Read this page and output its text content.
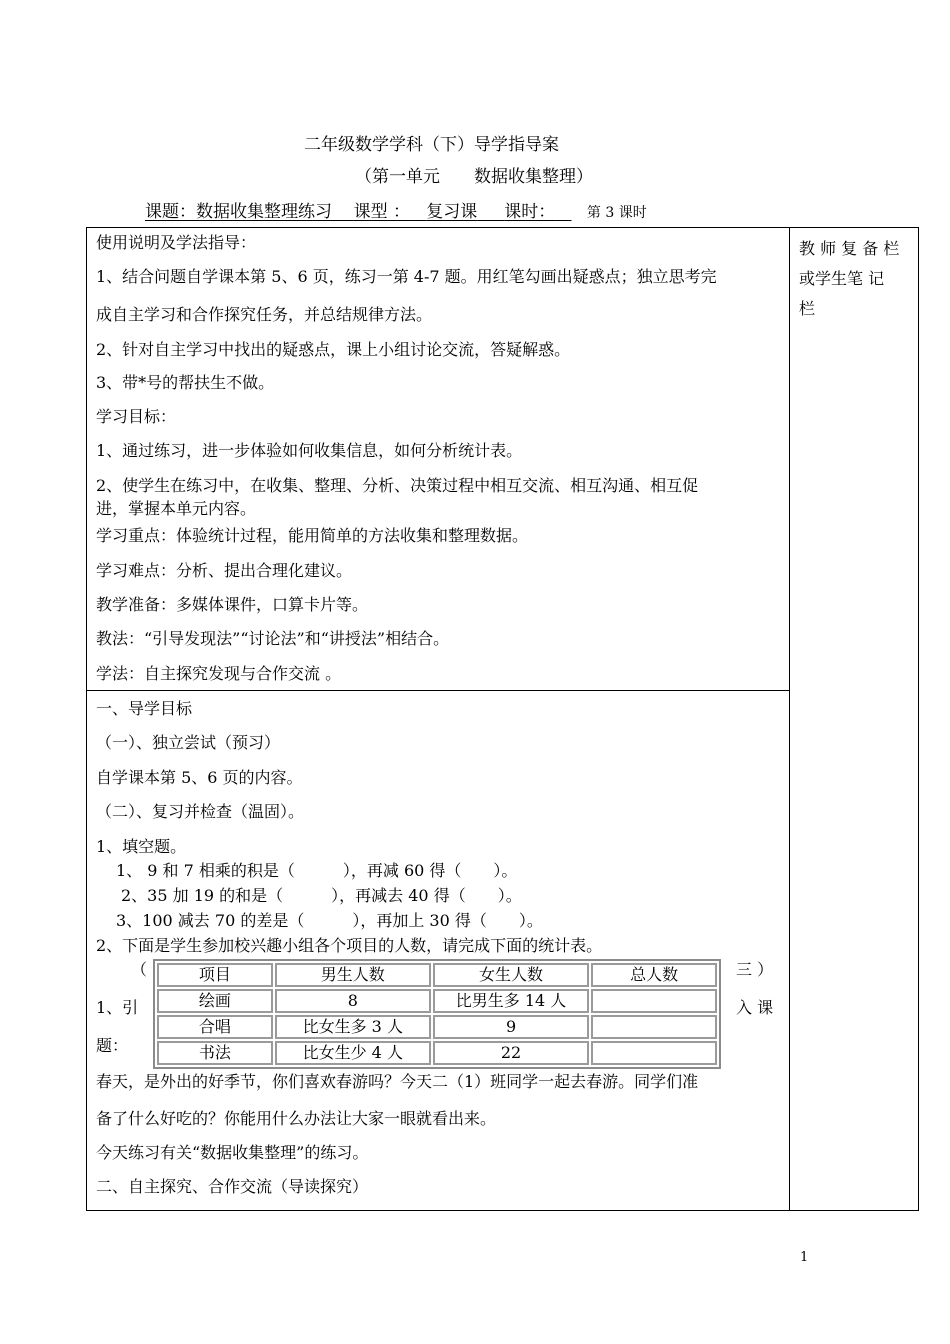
二年级数学学科（下）导学指导案
（第一单元　　数据收集整理）
课题：数据收集整理练习 课型 ： 复习课 课时： 第 3 课时
教 师 复 备 栏
或学生笔 记
栏
使用说明及学法指导：
1、结合问题自学课本第 5、6 页，练习一第 4-7 题。用红笔勾画出疑惑点；独立思考完
成自主学习和合作探究任务，并总结规律方法。
2、针对自主学习中找出的疑惑点，课上小组讨论交流，答疑解惑。
3、带*号的帮扶生不做。
学习目标：
1、通过练习，进一步体验如何收集信息，如何分析统计表。
2、使学生在练习中，在收集、整理、分析、决策过程中相互交流、相互沟通、相互促
进，掌握本单元内容。
学习重点：体验统计过程，能用简单的方法收集和整理数据。
学习难点：分析、提出合理化建议。
教学准备：多媒体课件，口算卡片等。
教法：“引导发现法”“讨论法”和“讲授法”相结合。
学法：自主探究发现与合作交流 。
一、导学目标
（一）、独立尝试（预习）
自学课本第 5、6 页的内容。
（二）、复习并检查（温固）。
1、填空题。
1、 9 和 7 相乘的积是（　　　），再减 60 得（　　）。
2、35 加 19 的和是（　　　），再减去 40 得（　　）。
3、100 减去 70 的差是（　　　），再加上 30 得（　　）。
2、下面是学生参加校兴趣小组各个项目的人数，请完成下面的统计表。
（
1、引
题：
三 ）
入 课
项目	男生人数	女生人数	总人数
绘画	8	比男生多 14 人	
合唱	比女生多 3 人	9	
书法	比女生少 4 人	22	
春天，是外出的好季节，你们喜欢春游吗？今天二（1）班同学一起去春游。同学们准
备了什么好吃的？你能用什么办法让大家一眼就看出来。
今天练习有关“数据收集整理”的练习。
二、自主探究、合作交流（导读探究）
1
